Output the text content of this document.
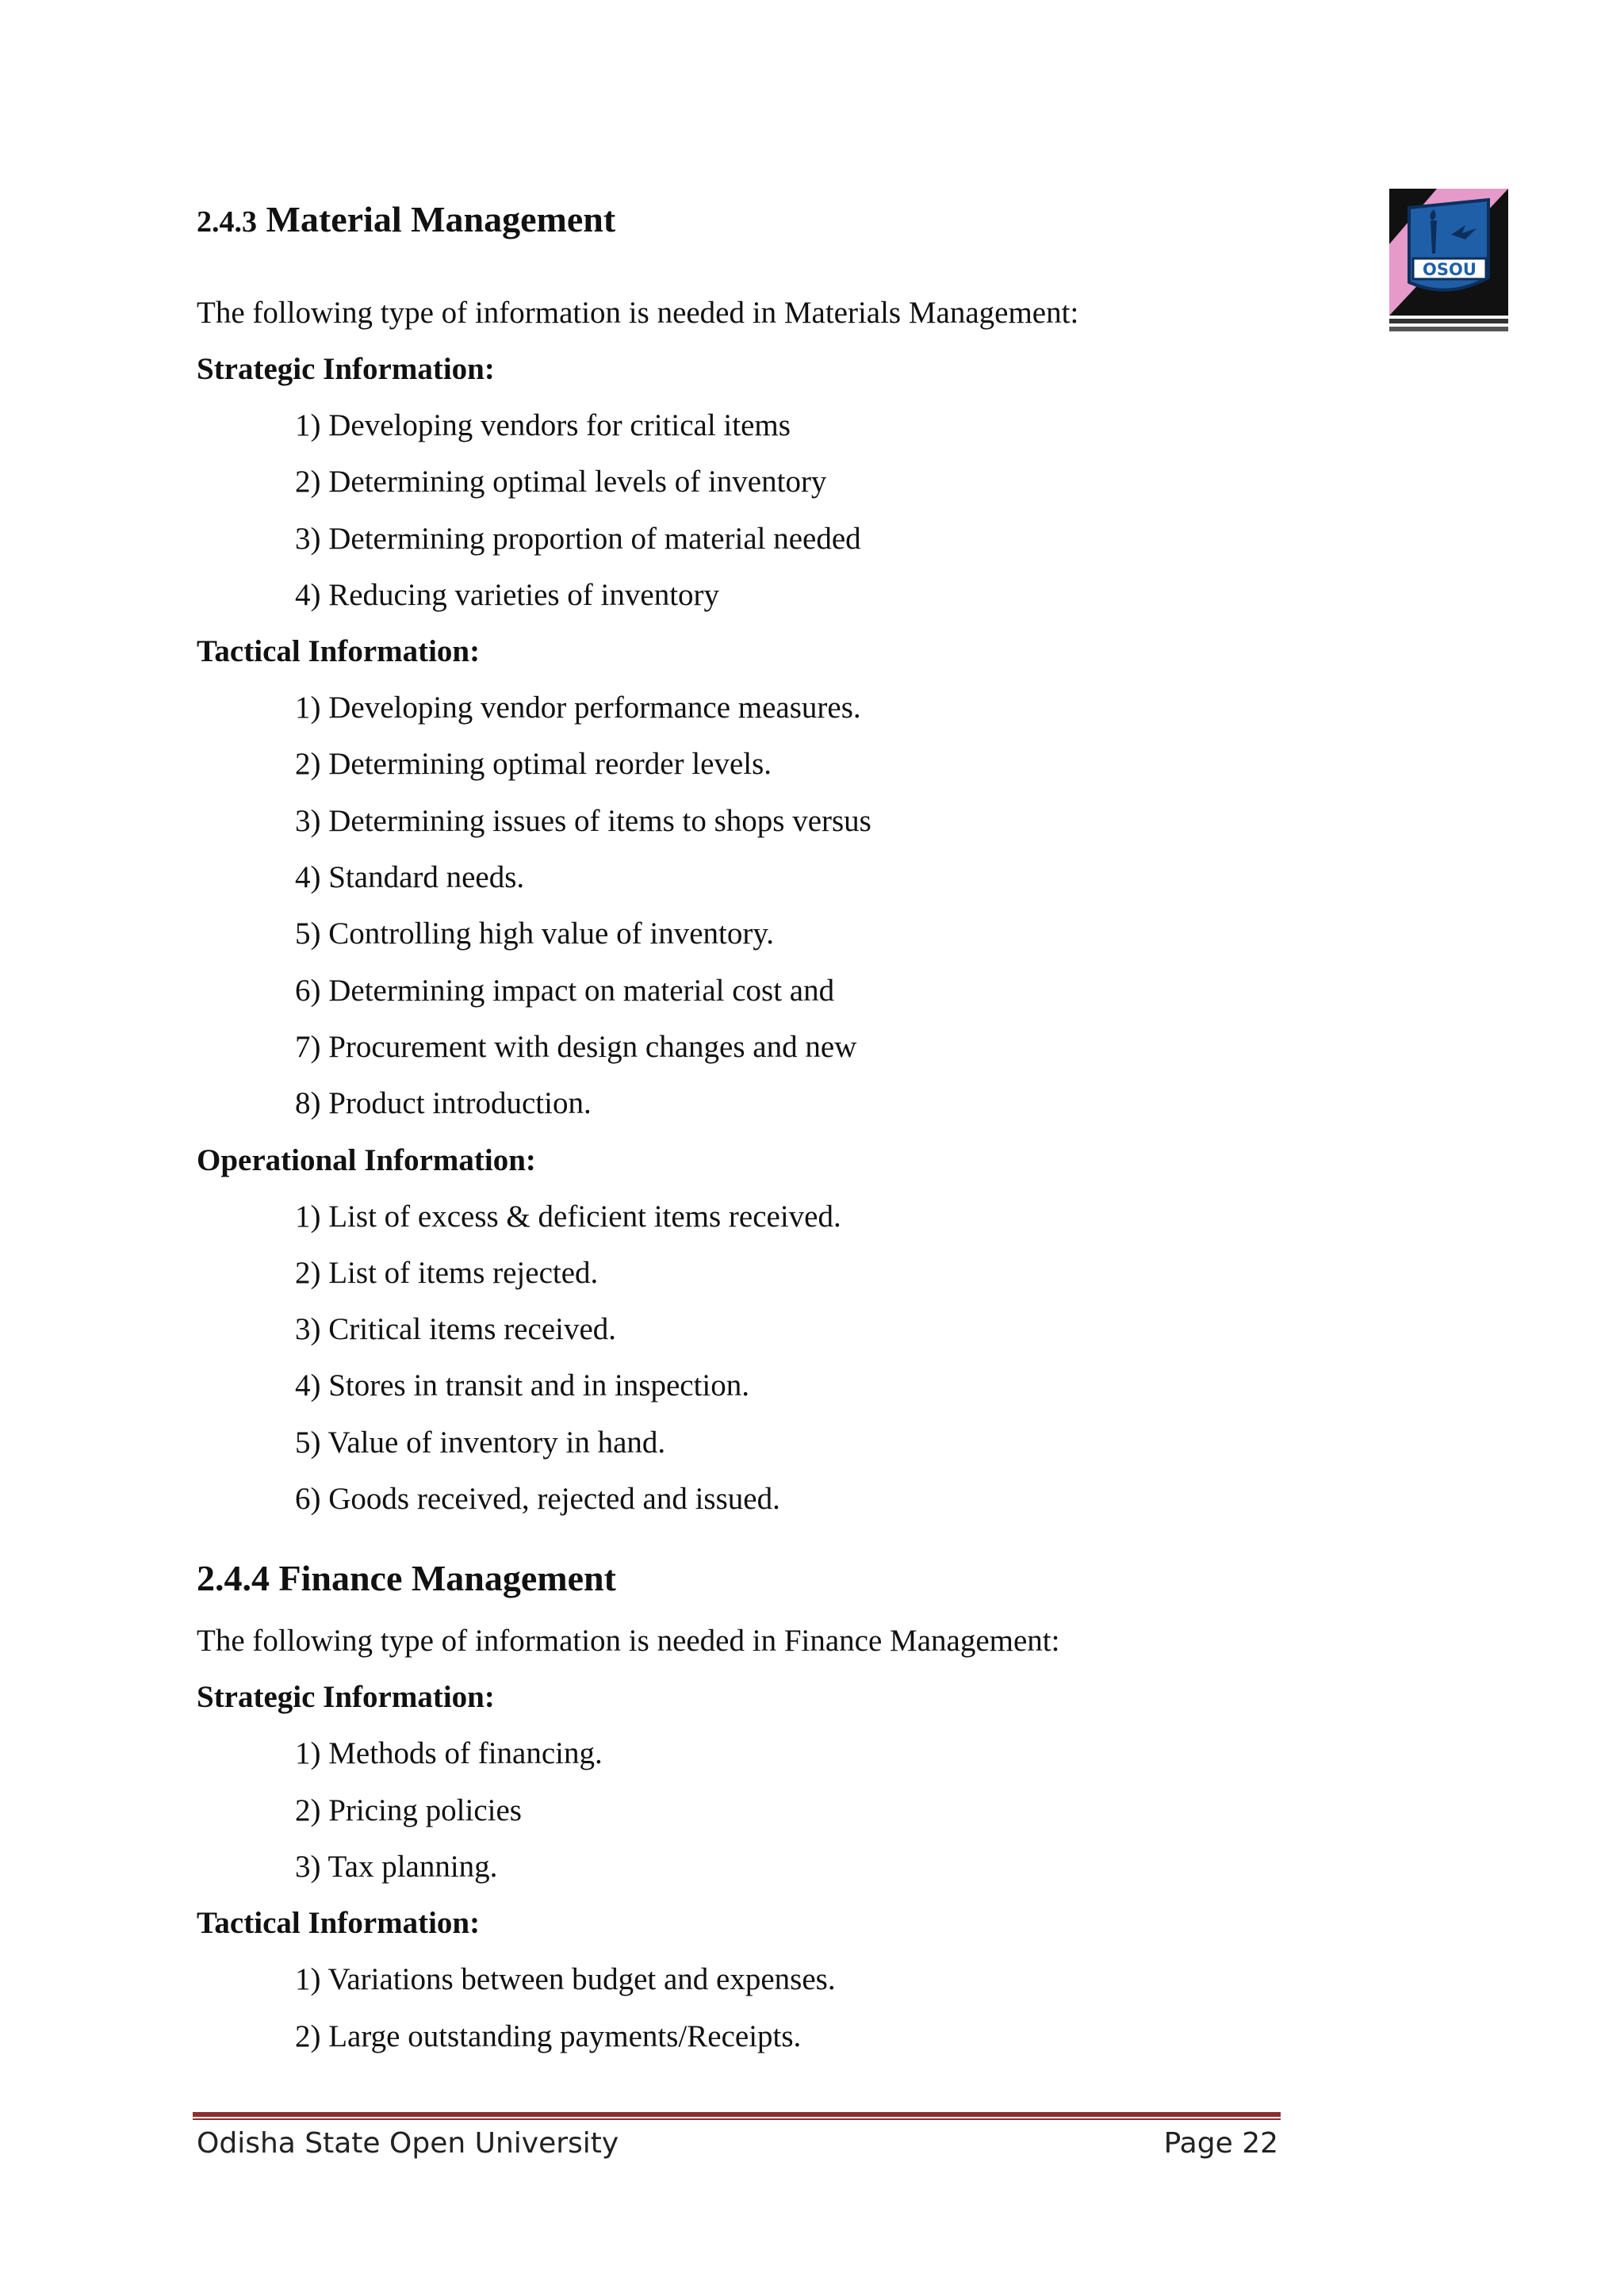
OSOU
2.4.3 Material Management

The following type of information is needed in Materials Management:

Strategic Information:

1) Developing vendors for critical items
2) Determining optimal levels of inventory
3) Determining proportion of material needed
4) Reducing varieties of inventory

Tactical Information:

1) Developing vendor performance measures.
2) Determining optimal reorder levels.
3) Determining issues of items to shops versus
4) Standard needs.
5) Controlling high value of inventory.
6) Determining impact on material cost and
7) Procurement with design changes and new
8) Product introduction.

Operational Information:

1) List of excess & deficient items received.
2) List of items rejected.
3) Critical items received.
4) Stores in transit and in inspection.
5) Value of inventory in hand.
6) Goods received, rejected and issued.
2.4.4 Finance Management

The following type of information is needed in Finance Management:

Strategic Information:

1) Methods of financing.
2) Pricing policies
3) Tax planning.

Tactical Information:

1) Variations between budget and expenses.
2) Large outstanding payments/Receipts.
Odisha State Open University	Page 22
